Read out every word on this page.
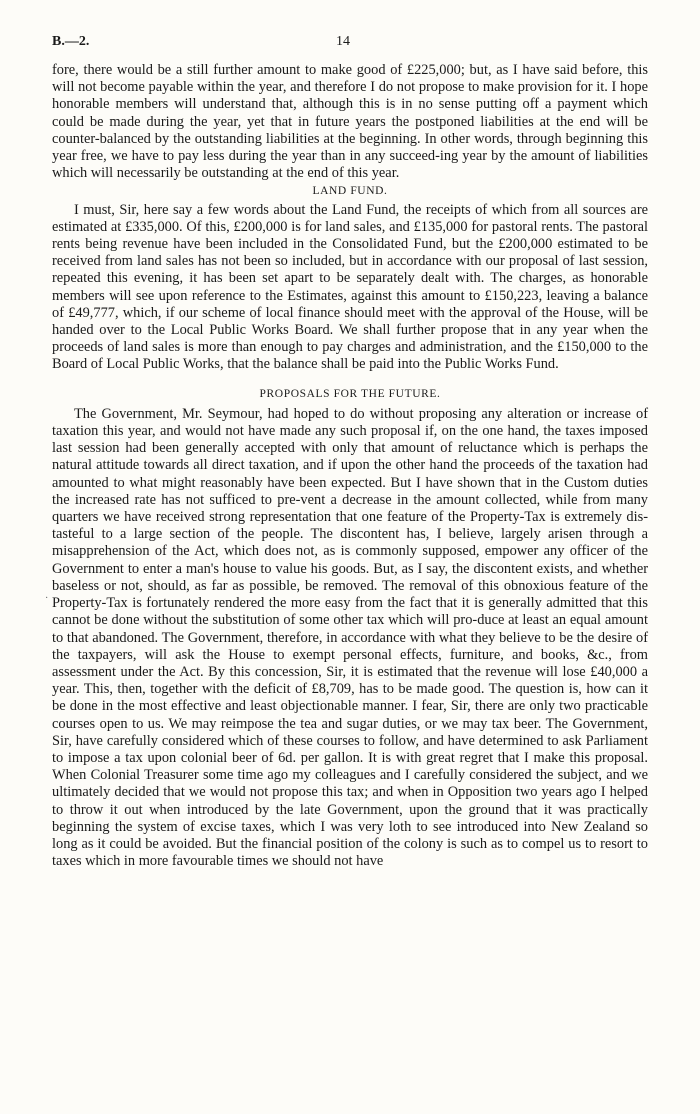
B.—2.	14

fore, there would be a still further amount to make good of £225,000; but, as I have said before, this will not become payable within the year, and therefore I do not propose to make provision for it. I hope honorable members will understand that, although this is in no sense putting off a payment which could be made during the year, yet that in future years the postponed liabilities at the end will be counter-balanced by the outstanding liabilities at the beginning. In other words, through beginning this year free, we have to pay less during the year than in any succeed-ing year by the amount of liabilities which will necessarily be outstanding at the end of this year.

LAND FUND.

I must, Sir, here say a few words about the Land Fund, the receipts of which from all sources are estimated at £335,000. Of this, £200,000 is for land sales, and £135,000 for pastoral rents. The pastoral rents being revenue have been included in the Consolidated Fund, but the £200,000 estimated to be received from land sales has not been so included, but in accordance with our proposal of last session, repeated this evening, it has been set apart to be separately dealt with. The charges, as honorable members will see upon reference to the Estimates, against this amount to £150,223, leaving a balance of £49,777, which, if our scheme of local finance should meet with the approval of the House, will be handed over to the Local Public Works Board. We shall further propose that in any year when the proceeds of land sales is more than enough to pay charges and administration, and the £150,000 to the Board of Local Public Works, that the balance shall be paid into the Public Works Fund.

PROPOSALS FOR THE FUTURE.

The Government, Mr. Seymour, had hoped to do without proposing any alteration or increase of taxation this year, and would not have made any such proposal if, on the one hand, the taxes imposed last session had been generally accepted with only that amount of reluctance which is perhaps the natural attitude towards all direct taxation, and if upon the other hand the proceeds of the taxation had amounted to what might reasonably have been expected. But I have shown that in the Custom duties the increased rate has not sufficed to pre-vent a decrease in the amount collected, while from many quarters we have received strong representation that one feature of the Property-Tax is extremely dis-tasteful to a large section of the people. The discontent has, I believe, largely arisen through a misapprehension of the Act, which does not, as is commonly supposed, empower any officer of the Government to enter a man's house to value his goods. But, as I say, the discontent exists, and whether baseless or not, should, as far as possible, be removed. The removal of this obnoxious feature of the Property-Tax is fortunately rendered the more easy from the fact that it is generally admitted that this cannot be done without the substitution of some other tax which will pro-duce at least an equal amount to that abandoned. The Government, therefore, in accordance with what they believe to be the desire of the taxpayers, will ask the House to exempt personal effects, furniture, and books, &c., from assessment under the Act. By this concession, Sir, it is estimated that the revenue will lose £40,000 a year. This, then, together with the deficit of £8,709, has to be made good. The question is, how can it be done in the most effective and least objectionable manner. I fear, Sir, there are only two practicable courses open to us. We may reimpose the tea and sugar duties, or we may tax beer. The Government, Sir, have carefully considered which of these courses to follow, and have determined to ask Parliament to impose a tax upon colonial beer of 6d. per gallon. It is with great regret that I make this proposal. When Colonial Treasurer some time ago my colleagues and I carefully considered the subject, and we ultimately decided that we would not propose this tax; and when in Opposition two years ago I helped to throw it out when introduced by the late Government, upon the ground that it was practically beginning the system of excise taxes, which I was very loth to see introduced into New Zealand so long as it could be avoided. But the financial position of the colony is such as to compel us to resort to taxes which in more favourable times we should not have

·
